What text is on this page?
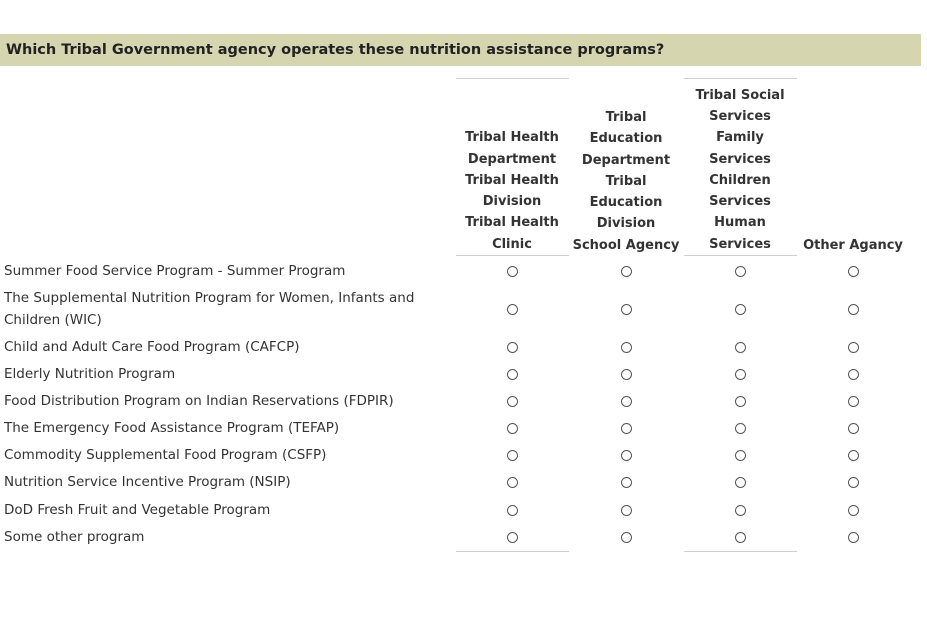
Which Tribal Government agency operates these nutrition assistance programs?
Tribal Health
Department
Tribal Health
Division
Tribal Health
Clinic
Tribal
Education
Department
Tribal
Education
Division
School Agency
Tribal Social
Services
Family
Services
Children
Services
Human
Services Other Agancy
Summer Food Service Program - Summer Program
The Supplemental Nutrition Program for Women, Infants and Children (WIC)
Child and Adult Care Food Program (CAFCP)
Elderly Nutrition Program
Food Distribution Program on Indian Reservations (FDPIR)
The Emergency Food Assistance Program (TEFAP)
Commodity Supplemental Food Program (CSFP)
Nutrition Service Incentive Program (NSIP)
DoD Fresh Fruit and Vegetable Program
Some other program
